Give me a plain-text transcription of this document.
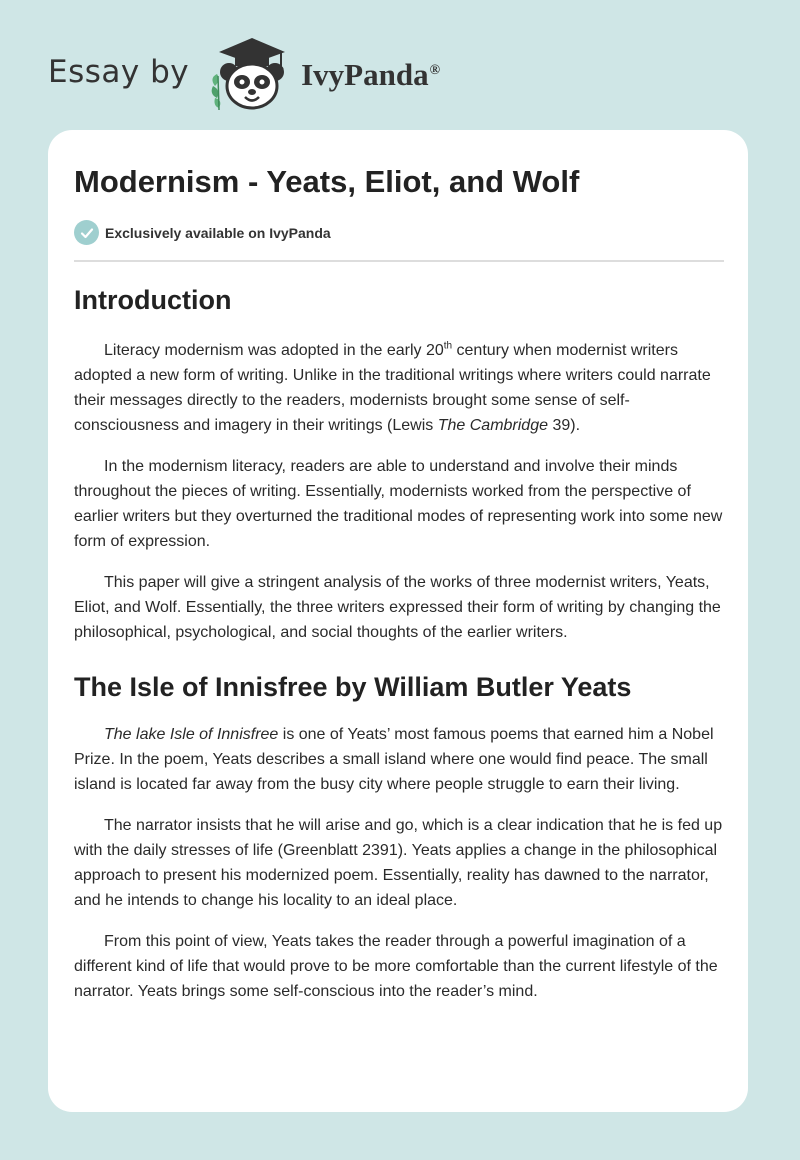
Essay by	IvyPanda®
Modernism - Yeats, Eliot, and Wolf
Exclusively available on IvyPanda
Introduction

Literacy modernism was adopted in the early 20th century when modernist writers adopted a new form of writing. Unlike in the traditional writings where writers could narrate their messages directly to the readers, modernists brought some sense of self-consciousness and imagery in their writings (Lewis The Cambridge 39).

In the modernism literacy, readers are able to understand and involve their minds throughout the pieces of writing. Essentially, modernists worked from the perspective of earlier writers but they overturned the traditional modes of representing work into some new form of expression.

This paper will give a stringent analysis of the works of three modernist writers, Yeats, Eliot, and Wolf. Essentially, the three writers expressed their form of writing by changing the philosophical, psychological, and social thoughts of the earlier writers.

The Isle of Innisfree by William Butler Yeats

The lake Isle of Innisfree is one of Yeats’ most famous poems that earned him a Nobel Prize. In the poem, Yeats describes a small island where one would find peace. The small island is located far away from the busy city where people struggle to earn their living.

The narrator insists that he will arise and go, which is a clear indication that he is fed up with the daily stresses of life (Greenblatt 2391). Yeats applies a change in the philosophical approach to present his modernized poem. Essentially, reality has dawned to the narrator, and he intends to change his locality to an ideal place.

From this point of view, Yeats takes the reader through a powerful imagination of a different kind of life that would prove to be more comfortable than the current lifestyle of the narrator. Yeats brings some self-conscious into the reader’s mind.
